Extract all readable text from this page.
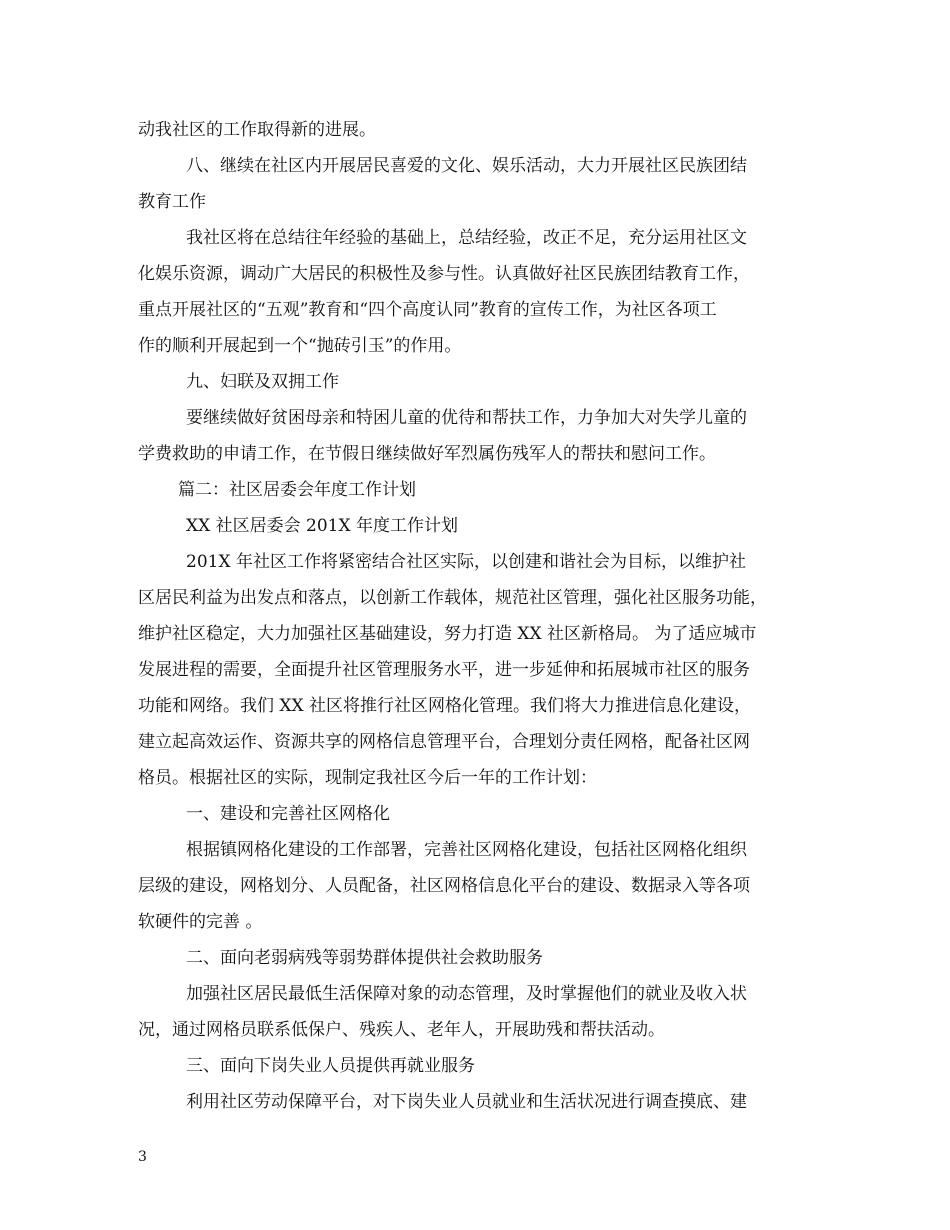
动我社区的工作取得新的进展。
八、继续在社区内开展居民喜爱的文化、娱乐活动，大力开展社区民族团结
教育工作
我社区将在总结往年经验的基础上，总结经验，改正不足，充分运用社区文
化娱乐资源，调动广大居民的积极性及参与性。认真做好社区民族团结教育工作，
重点开展社区的“五观”教育和“四个高度认同”教育的宣传工作，为社区各项工
作的顺利开展起到一个“抛砖引玉”的作用。
九、妇联及双拥工作
要继续做好贫困母亲和特困儿童的优待和帮扶工作，力争加大对失学儿童的
学费救助的申请工作，在节假日继续做好军烈属伤残军人的帮扶和慰问工作。
篇二：社区居委会年度工作计划
XX 社区居委会 201X 年度工作计划
201X 年社区工作将紧密结合社区实际，以创建和谐社会为目标，以维护社
区居民利益为出发点和落点，以创新工作载体，规范社区管理，强化社区服务功能，
维护社区稳定，大力加强社区基础建设，努力打造 XX 社区新格局。 为了适应城市
发展进程的需要，全面提升社区管理服务水平，进一步延伸和拓展城市社区的服务
功能和网络。我们 XX 社区将推行社区网格化管理。我们将大力推进信息化建设，
建立起高效运作、资源共享的网格信息管理平台，合理划分责任网格，配备社区网
格员。根据社区的实际，现制定我社区今后一年的工作计划：
一、建设和完善社区网格化
根据镇网格化建设的工作部署，完善社区网格化建设，包括社区网格化组织
层级的建设，网格划分、人员配备，社区网格信息化平台的建设、数据录入等各项
软硬件的完善 。
二、面向老弱病残等弱势群体提供社会救助服务
加强社区居民最低生活保障对象的动态管理，及时掌握他们的就业及收入状
况，通过网格员联系低保户、残疾人、老年人，开展助残和帮扶活动。
三、面向下岗失业人员提供再就业服务
利用社区劳动保障平台，对下岗失业人员就业和生活状况进行调查摸底、建
3
